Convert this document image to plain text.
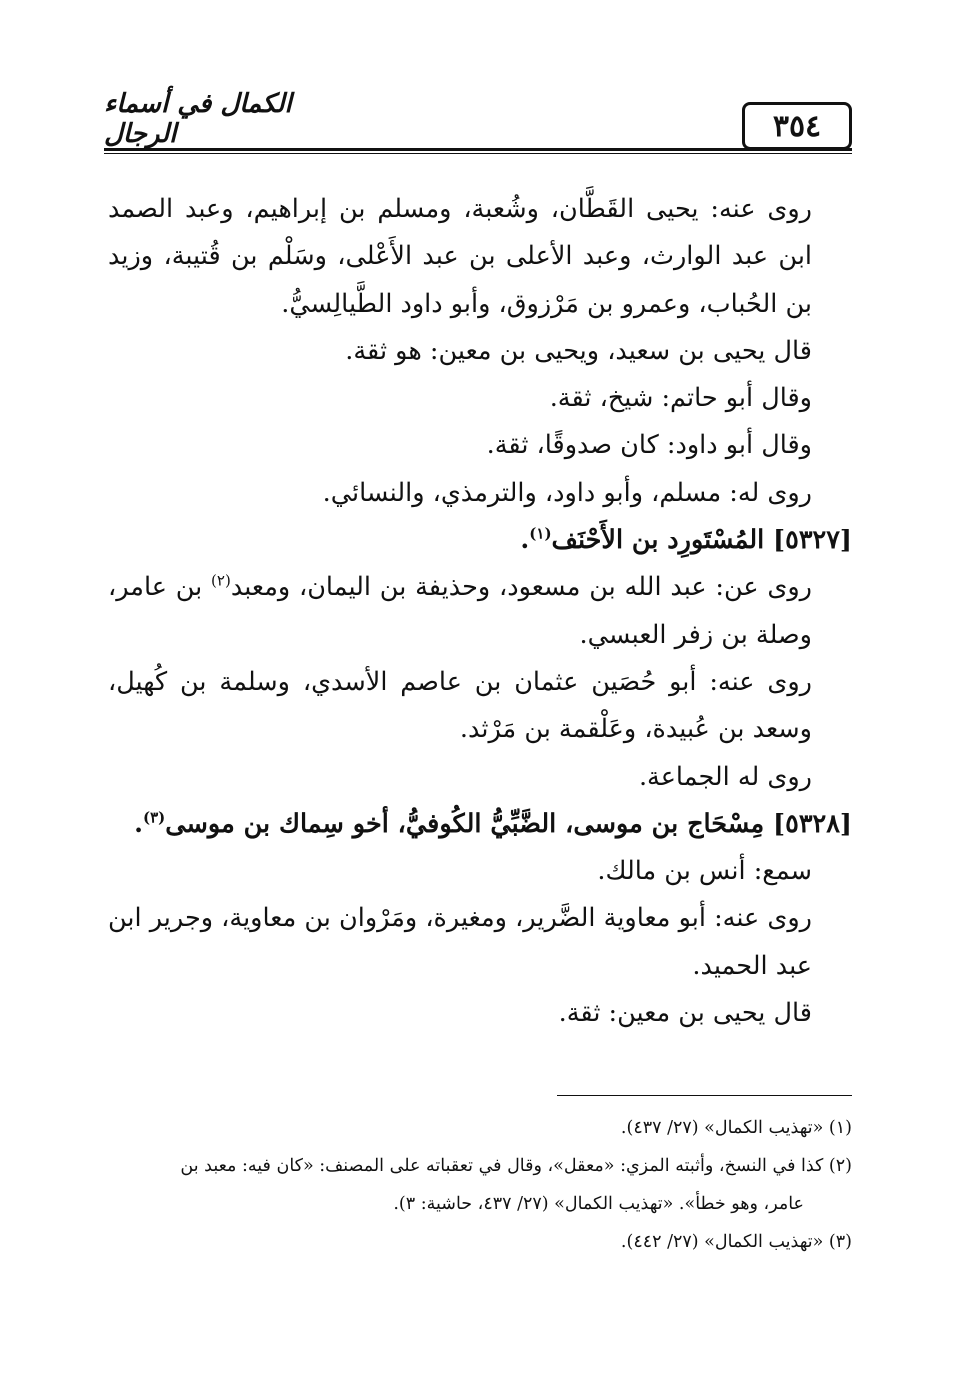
الكمال في أسماء الرجال	٣٥٤

روى عنه: يحيى القَطَّان، وشُعبة، ومسلم بن إبراهيم، وعبد الصمد ابن عبد الوارث، وعبد الأعلى بن عبد الأَعْلى، وسَلْم بن قُتيبة، وزيد بن الحُباب، وعمرو بن مَرْزوق، وأبو داود الطَّيالِسيُّ.

قال يحيى بن سعيد، ويحيى بن معين: هو ثقة.

وقال أبو حاتم: شيخ، ثقة.

وقال أبو داود: كان صدوقًا، ثقة.

روى له: مسلم، وأبو داود، والترمذي، والنسائي.

[٥٣٢٧] المُسْتَورِد بن الأَحْنَف$^{(١)}$.

روى عن: عبد الله بن مسعود، وحذيفة بن اليمان، ومعبد$^{(٢)}$ بن عامر، وصلة بن زفر العبسي.

روى عنه: أبو حُصَين عثمان بن عاصم الأسدي، وسلمة بن كُهيل، وسعد بن عُبيدة، وعَلْقمة بن مَرْثد.

روى له الجماعة.

[٥٣٢٨] مِسْحَاج بن موسى، الضَّبِّيُّ الكُوفيُّ، أخو سِماك بن موسى$^{(٣)}$.

سمع: أنس بن مالك.

روى عنه: أبو معاوية الضَّرير، ومغيرة، ومَرْوان بن معاوية، وجرير ابن عبد الحميد.

قال يحيى بن معين: ثقة.

(١) «تهذيب الكمال» (٢٧/ ٤٣٧).

(٢) كذا في النسخ، وأثبته المزي: «معقل»، وقال في تعقباته على المصنف: «كان فيه: معبد بن

عامر، وهو خطأ». «تهذيب الكمال» (٢٧/ ٤٣٧، حاشية: ٣).

(٣) «تهذيب الكمال» (٢٧/ ٤٤٢).
